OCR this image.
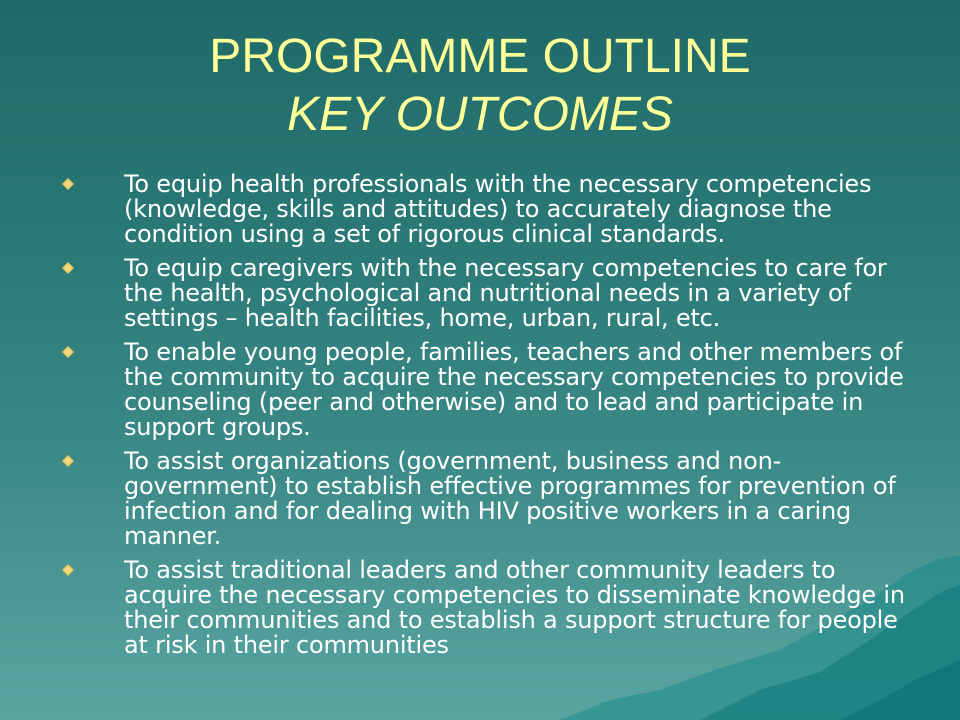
PROGRAMME OUTLINE
KEY OUTCOMES
To equip health professionals with the necessary competencies (knowledge, skills and attitudes) to accurately diagnose the condition using a set of rigorous clinical standards.
To equip caregivers with the necessary competencies to care for the health, psychological and nutritional needs in a variety of settings – health facilities, home, urban, rural, etc.
To enable young people, families, teachers and other members of the community to acquire the necessary competencies to provide counseling (peer and otherwise) and to lead and participate in support groups.
To assist organizations (government, business and non-government) to establish effective programmes for prevention of infection and for dealing with HIV positive workers in a caring manner.
To assist traditional leaders and other community leaders to acquire the necessary competencies to disseminate knowledge in their communities and to establish a support structure for people at risk in their communities
